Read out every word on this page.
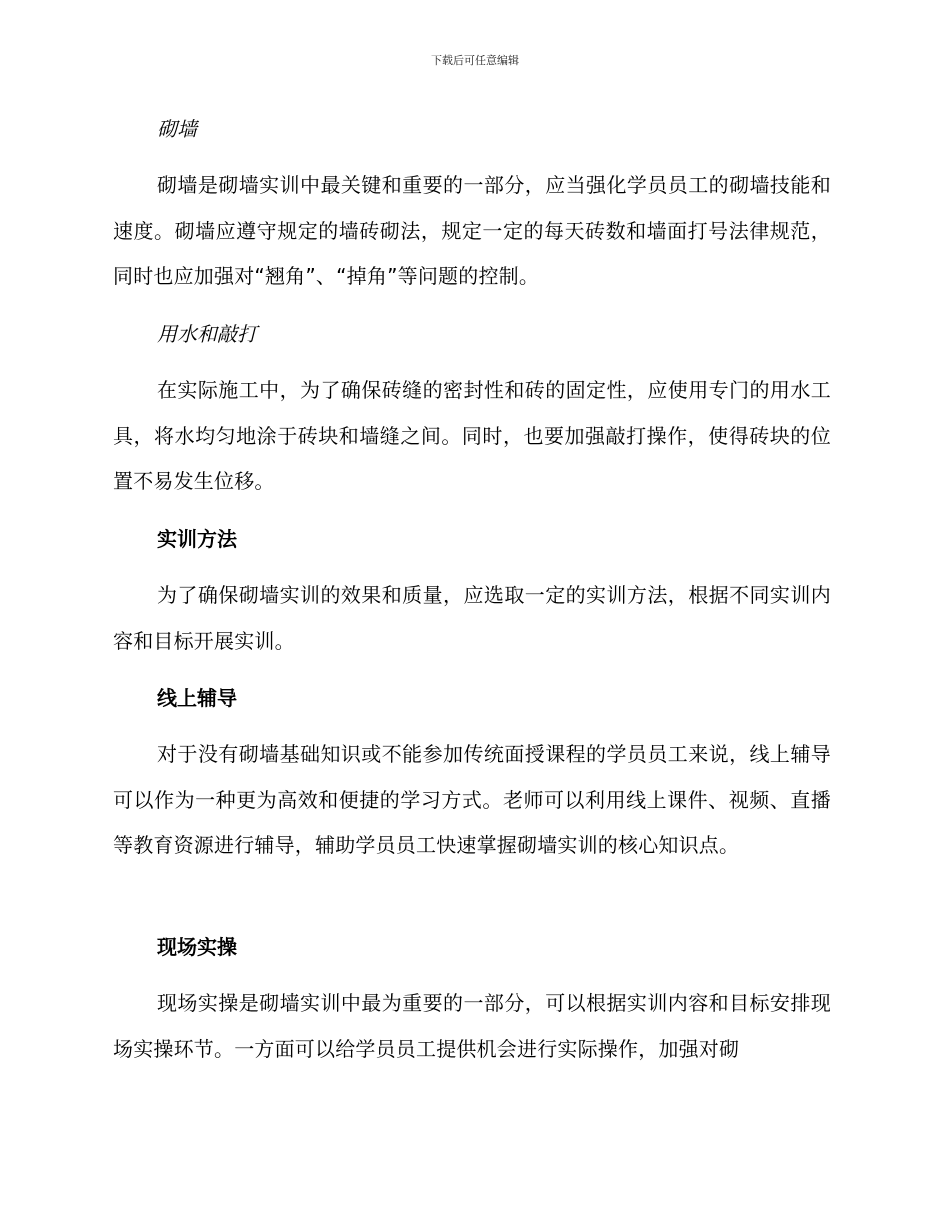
下载后可任意编辑
砌墙

砌墙是砌墙实训中最关键和重要的一部分，应当强化学员员工的砌墙技能和速度。砌墙应遵守规定的墙砖砌法，规定一定的每天砖数和墙面打号法律规范，同时也应加强对“翘角”、“掉角”等问题的控制。

用水和敲打

在实际施工中，为了确保砖缝的密封性和砖的固定性，应使用专门的用水工具，将水均匀地涂于砖块和墙缝之间。同时，也要加强敲打操作，使得砖块的位置不易发生位移。

实训方法

为了确保砌墙实训的效果和质量，应选取一定的实训方法，根据不同实训内容和目标开展实训。

线上辅导

对于没有砌墙基础知识或不能参加传统面授课程的学员员工来说，线上辅导可以作为一种更为高效和便捷的学习方式。老师可以利用线上课件、视频、直播等教育资源进行辅导，辅助学员员工快速掌握砌墙实训的核心知识点。

现场实操

现场实操是砌墙实训中最为重要的一部分，可以根据实训内容和目标安排现场实操环节。一方面可以给学员员工提供机会进行实际操作，加强对砌
